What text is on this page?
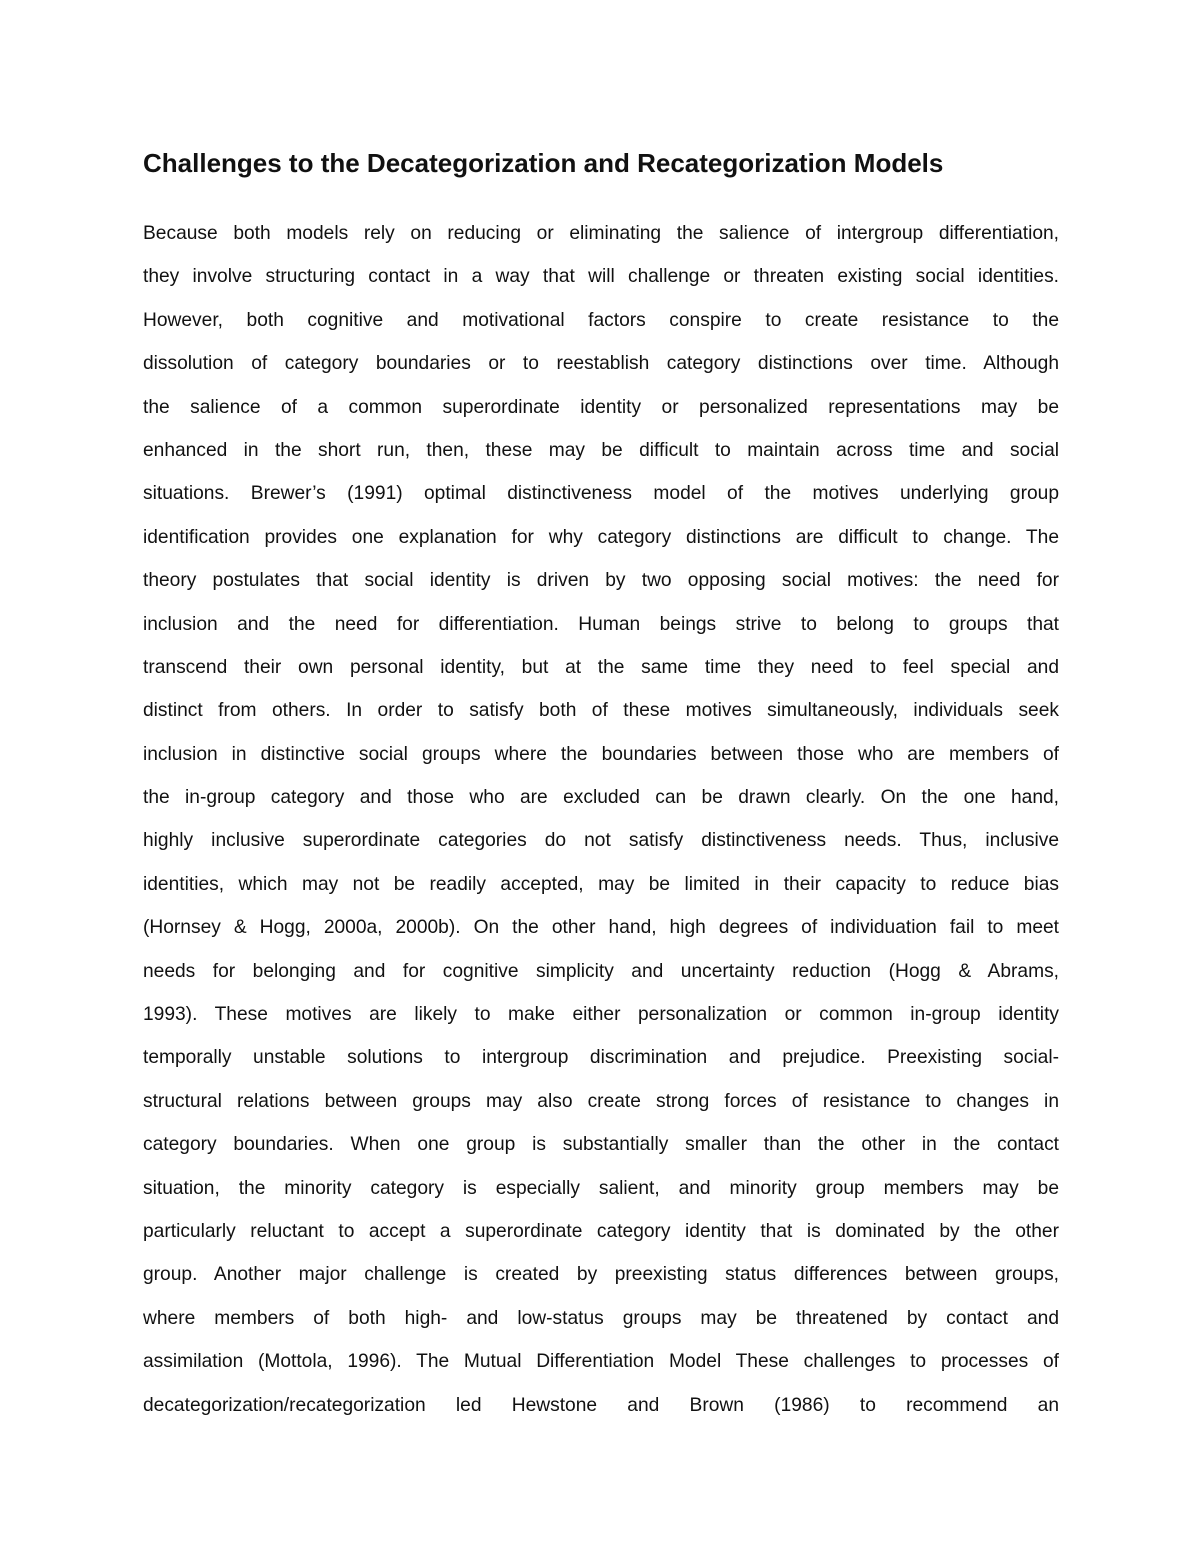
Challenges to the Decategorization and Recategorization Models
Because both models rely on reducing or eliminating the salience of intergroup differentiation,
they involve structuring contact in a way that will challenge or threaten existing social identities.
However, both cognitive and motivational factors conspire to create resistance to the
dissolution of category boundaries or to reestablish category distinctions over time. Although
the salience of a common superordinate identity or personalized representations may be
enhanced in the short run, then, these may be difficult to maintain across time and social
situations. Brewer’s (1991) optimal distinctiveness model of the motives underlying group
identification provides one explanation for why category distinctions are difficult to change. The
theory postulates that social identity is driven by two opposing social motives: the need for
inclusion and the need for differentiation. Human beings strive to belong to groups that
transcend their own personal identity, but at the same time they need to feel special and
distinct from others. In order to satisfy both of these motives simultaneously, individuals seek
inclusion in distinctive social groups where the boundaries between those who are members of
the in-group category and those who are excluded can be drawn clearly. On the one hand,
highly inclusive superordinate categories do not satisfy distinctiveness needs. Thus, inclusive
identities, which may not be readily accepted, may be limited in their capacity to reduce bias
(Hornsey & Hogg, 2000a, 2000b). On the other hand, high degrees of individuation fail to meet
needs for belonging and for cognitive simplicity and uncertainty reduction (Hogg & Abrams,
1993). These motives are likely to make either personalization or common in-group identity
temporally unstable solutions to intergroup discrimination and prejudice. Preexisting social-
structural relations between groups may also create strong forces of resistance to changes in
category boundaries. When one group is substantially smaller than the other in the contact
situation, the minority category is especially salient, and minority group members may be
particularly reluctant to accept a superordinate category identity that is dominated by the other
group. Another major challenge is created by preexisting status differences between groups,
where members of both high- and low-status groups may be threatened by contact and
assimilation (Mottola, 1996). The Mutual Differentiation Model These challenges to processes of
decategorization/recategorization led Hewstone and Brown (1986) to recommend an
